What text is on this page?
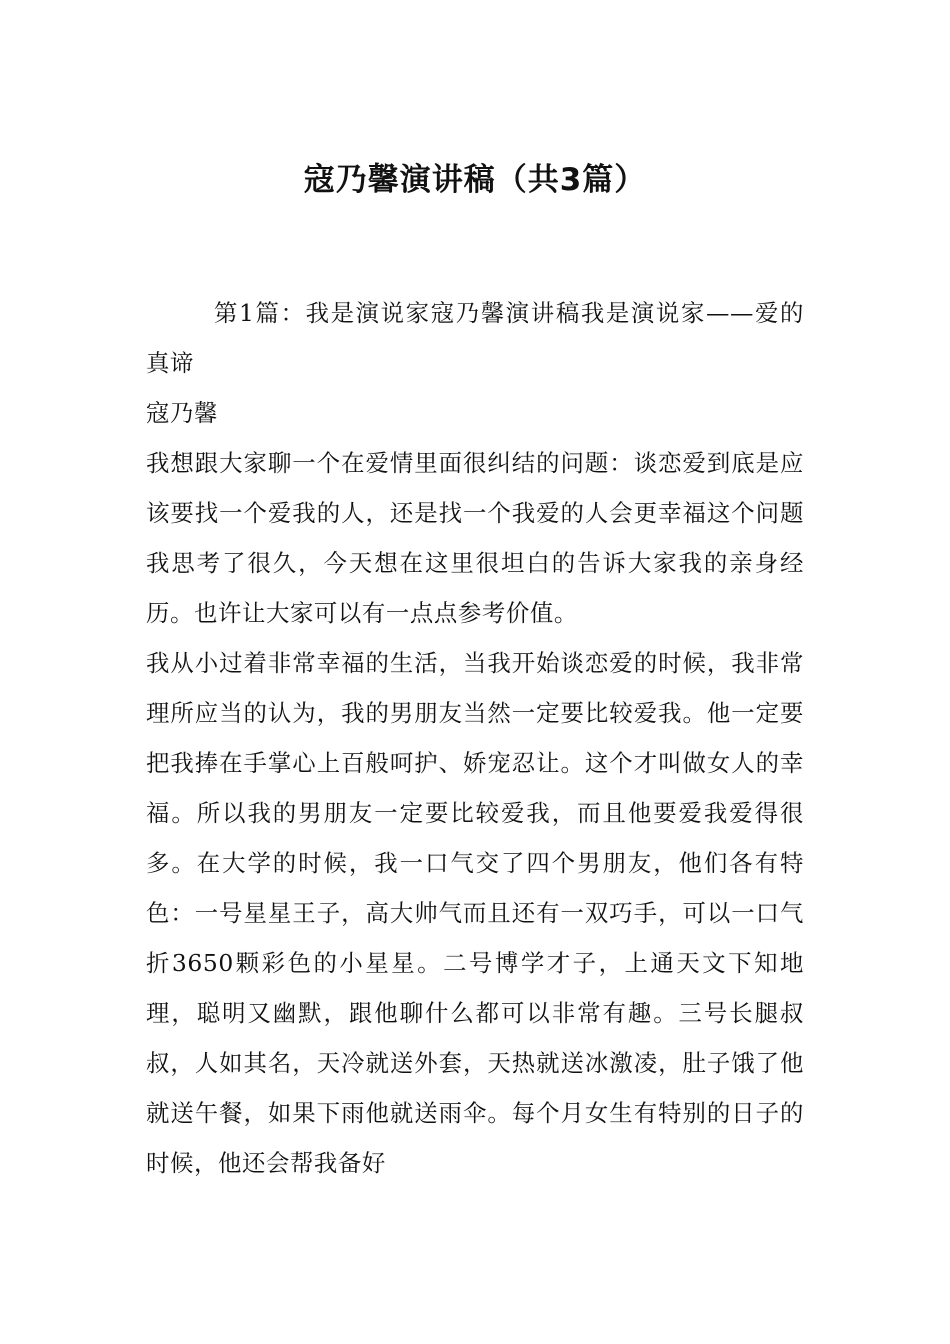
寇乃馨演讲稿（共3篇）

第1篇：我是演说家寇乃馨演讲稿我是演说家——爱的真谛

寇乃馨

我想跟大家聊一个在爱情里面很纠结的问题：谈恋爱到底是应该要找一个爱我的人，还是找一个我爱的人会更幸福这个问题我思考了很久，今天想在这里很坦白的告诉大家我的亲身经历。也许让大家可以有一点点参考价值。

我从小过着非常幸福的生活，当我开始谈恋爱的时候，我非常理所应当的认为，我的男朋友当然一定要比较爱我。他一定要把我捧在手掌心上百般呵护、娇宠忍让。这个才叫做女人的幸福。所以我的男朋友一定要比较爱我，而且他要爱我爱得很多。在大学的时候，我一口气交了四个男朋友，他们各有特色：一号星星王子，高大帅气而且还有一双巧手，可以一口气折3650颗彩色的小星星。二号博学才子，上通天文下知地理，聪明又幽默，跟他聊什么都可以非常有趣。三号长腿叔叔，人如其名，天冷就送外套，天热就送冰激凌，肚子饿了他就送午餐，如果下雨他就送雨伞。每个月女生有特别的日子的时候，他还会帮我备好
